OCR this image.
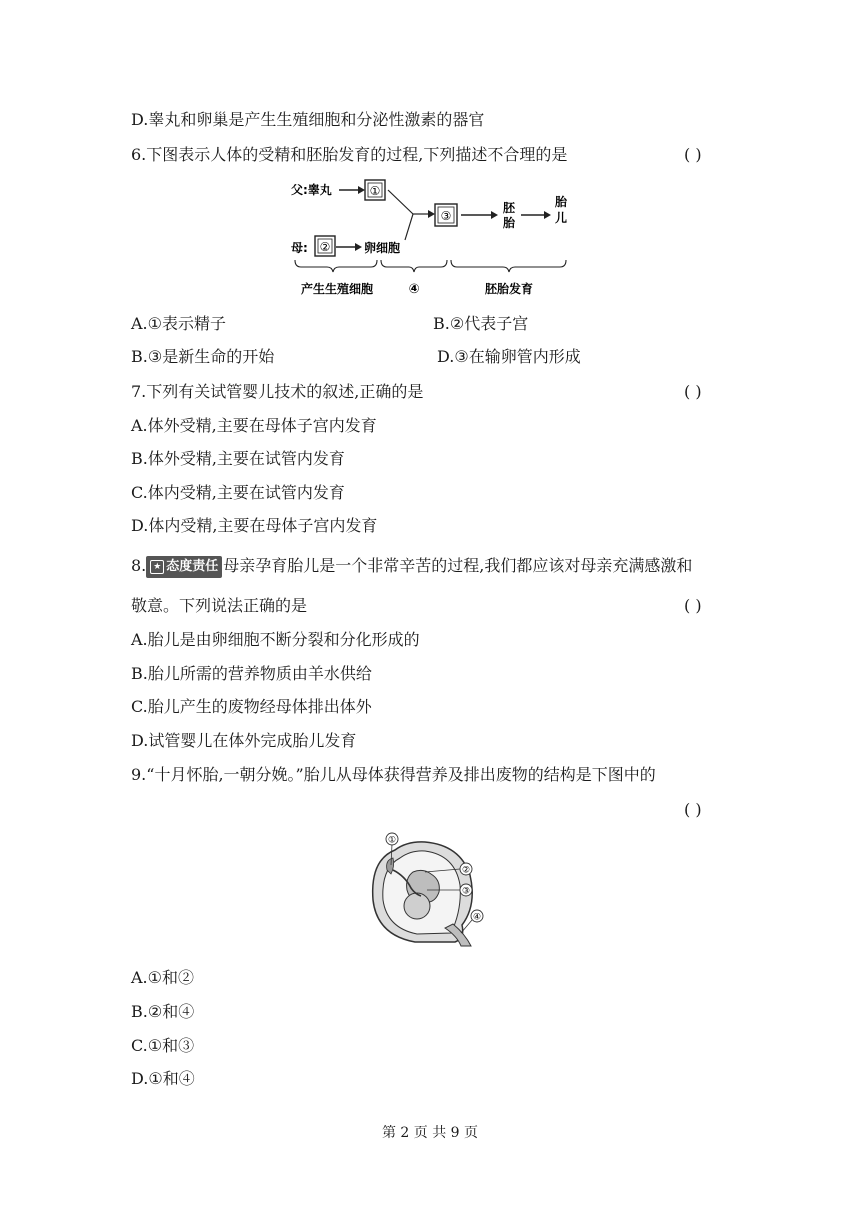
D.睾丸和卵巢是产生生殖细胞和分泌性激素的器官
6.下图表示人体的受精和胚胎发育的过程,下列描述不合理的是	( )
父:睾丸	①
母: ②	卵细胞
③
胚
胎
胎
儿
产生生殖细胞	④	胚胎发育
A.①表示精子	B.②代表子宫
B.③是新生命的开始	D.③在输卵管内形成
7.下列有关试管婴儿技术的叙述,正确的是	( )
A.体外受精,主要在母体子宫内发育
B.体外受精,主要在试管内发育
C.体内受精,主要在试管内发育
D.体内受精,主要在母体子宫内发育
8. ★ 态度责任 母亲孕育胎儿是一个非常辛苦的过程,我们都应该对母亲充满感激和
敬意。下列说法正确的是	( )
A.胎儿是由卵细胞不断分裂和分化形成的
B.胎儿所需的营养物质由羊水供给
C.胎儿产生的废物经母体排出体外
D.试管婴儿在体外完成胎儿发育
9.“十月怀胎,一朝分娩。”胎儿从母体获得营养及排出废物的结构是下图中的
( )
①
②
③
④
A.①和②
B.②和④
C.①和③
D.①和④
第 2 页 共 9 页
